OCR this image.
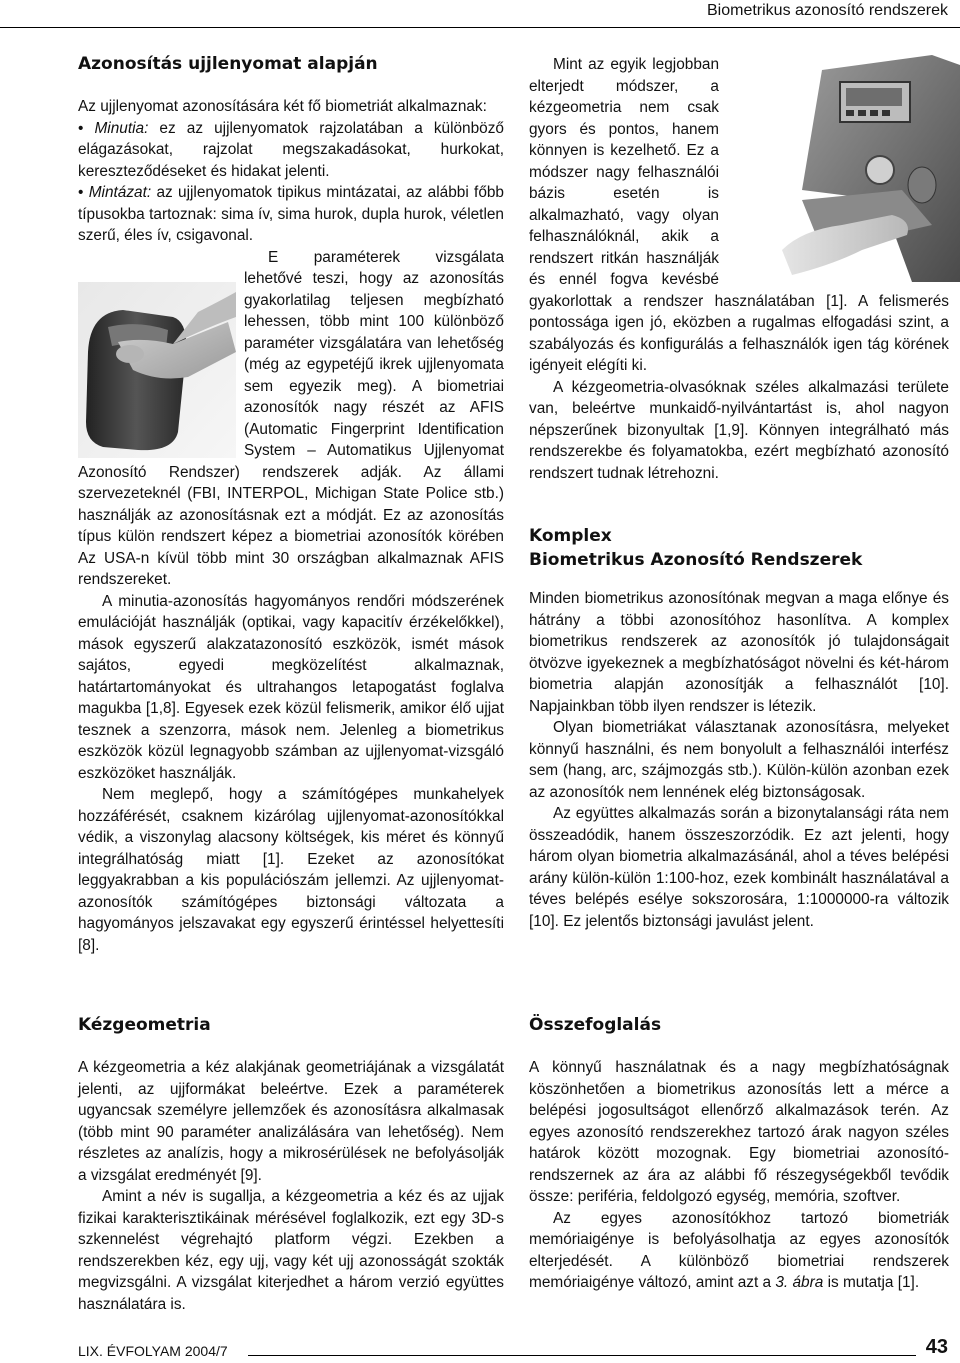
Biometrikus azonosító rendszerek
Azonosítás ujjlenyomat alapján

Az ujjlenyomat azonosítására két fő biometriát alkalmaznak:

• Minutia: ez az ujjlenyomatok rajzolatában a különböző elágazásokat, rajzolat megszakadásokat, hurkokat, kereszteződéseket és hidakat jelenti.

• Mintázat: az ujjlenyomatok tipikus mintázatai, az alábbi főbb típusokba tartoznak: sima ív, sima hurok, dupla hurok, véletlen szerű, éles ív, csigavonal.

E paraméterek vizsgálata lehetővé teszi, hogy az azonosítás gyakorlatilag teljesen megbízható lehessen, több mint 100 különböző paraméter vizsgálatára van lehetőség (még az egypetéjű ikrek ujjlenyomata sem egyezik meg). A biometriai azonosítók nagy részét az AFIS (Automatic Fingerprint Identification System – Automatikus Ujjlenyomat Azonosító Rendszer) rendszerek adják. Az állami szervezeteknél (FBI, INTERPOL, Michigan State Police stb.) használják az azonosításnak ezt a módját. Ez az azonosítás típus külön rendszert képez a biometriai azonosítók körében Az USA-n kívül több mint 30 országban alkalmaznak AFIS rendszereket.

A minutia-azonosítás hagyományos rendőri módszerének emulációját használják (optikai, vagy kapacitív érzékelőkkel), mások egyszerű alakzatazonosító eszközök, ismét mások sajátos, egyedi megközelítést alkalmaznak, határtartományokat és ultrahangos letapogatást foglalva magukba [1,8]. Egyesek ezek közül felismerik, amikor élő ujjat tesznek a szenzorra, mások nem. Jelenleg a biometrikus eszközök közül legnagyobb számban az ujjlenyomat-vizsgáló eszközöket használják.

Nem meglepő, hogy a számítógépes munkahelyek hozzáférését, csaknem kizárólag ujjlenyomat-azonosítókkal védik, a viszonylag alacsony költségek, kis méret és könnyű integrálhatóság miatt [1]. Ezeket az azonosítókat leggyakrabban a kis populációszám jellemzi. Az ujjlenyomat-azonosítók számítógépes biztonsági változata a hagyományos jelszavakat egy egyszerű érintéssel helyettesíti [8].

Kézgeometria

A kézgeometria a kéz alakjának geometriájának a vizsgálatát jelenti, az ujjformákat beleértve. Ezek a paraméterek ugyancsak személyre jellemzőek és azonosításra alkalmasak (több mint 90 paraméter analizálására van lehetőség). Nem részletes az analízis, hogy a mikrosérülések ne befolyásolják a vizsgálat eredményét [9].

Amint a név is sugallja, a kézgeometria a kéz és az ujjak fizikai karakterisztikáinak mérésével foglalkozik, ezt egy 3D-s szkennelést végrehajtó platform végzi. Ezekben a rendszerekben kéz, egy ujj, vagy két ujj azonosságát szokták megvizsgálni. A vizsgálat kiterjedhet a három verzió együttes használatára is.

Mint az egyik legjobban elterjedt módszer, a kézgeometria nem csak gyors és pontos, hanem könnyen is kezelhető. Ez a módszer nagy felhasználói bázis esetén is alkalmazható, vagy olyan felhasználóknál, akik a rendszert ritkán használják és ennél fogva kevésbé gyakorlottak a rendszer használatában [1]. A felismerés pontossága igen jó, eközben a rugalmas elfogadási szint, a szabályozás és konfigurálás a felhasználók igen tág körének igényeit elégíti ki.

A kézgeometria-olvasóknak széles alkalmazási területe van, beleértve munkaidő-nyilvántartást is, ahol nagyon népszerűnek bizonyultak [1,9]. Könnyen integrálható más rendszerekbe és folyamatokba, ezért megbízható azonosító rendszert tudnak létrehozni.

Komplex
Biometrikus Azonosító Rendszerek

Minden biometrikus azonosítónak megvan a maga előnye és hátrány a többi azonosítóhoz hasonlítva. A komplex biometrikus rendszerek az azonosítók jó tulajdonságait ötvözve igyekeznek a megbízhatóságot növelni és két-három biometria alapján azonosítják a felhasználót [10]. Napjainkban több ilyen rendszer is létezik.

Olyan biometriákat választanak azonosításra, melyeket könnyű használni, és nem bonyolult a felhasználói interfész sem (hang, arc, szájmozgás stb.). Külön-külön azonban ezek az azonosítók nem lennének elég biztonságosak.

Az együttes alkalmazás során a bizonytalansági ráta nem összeadódik, hanem összeszorzódik. Ez azt jelenti, hogy három olyan biometria alkalmazásánál, ahol a téves belépési arány külön-külön 1:100-hoz, ezek kombinált használatával a téves belépés esélye sokszorosára, 1:1000000-ra változik [10]. Ez jelentős biztonsági javulást jelent.

Összefoglalás

A könnyű használatnak és a nagy megbízhatóságnak köszönhetően a biometrikus azonosítás lett a mérce a belépési jogosultságot ellenőrző alkalmazások terén. Az egyes azonosító rendszerekhez tartozó árak nagyon széles határok között mozognak. Egy biometriai azonosító-rendszernek az ára az alábbi fő részegységekből tevődik össze: periféria, feldolgozó egység, memória, szoftver.

Az egyes azonosítókhoz tartozó biometriák memóriaigénye is befolyásolhatja az egyes azonosítók elterjedését. A különböző biometriai rendszerek memóriaigénye változó, amint azt a 3. ábra is mutatja [1].

LIX. ÉVFOLYAM 2004/7	43
